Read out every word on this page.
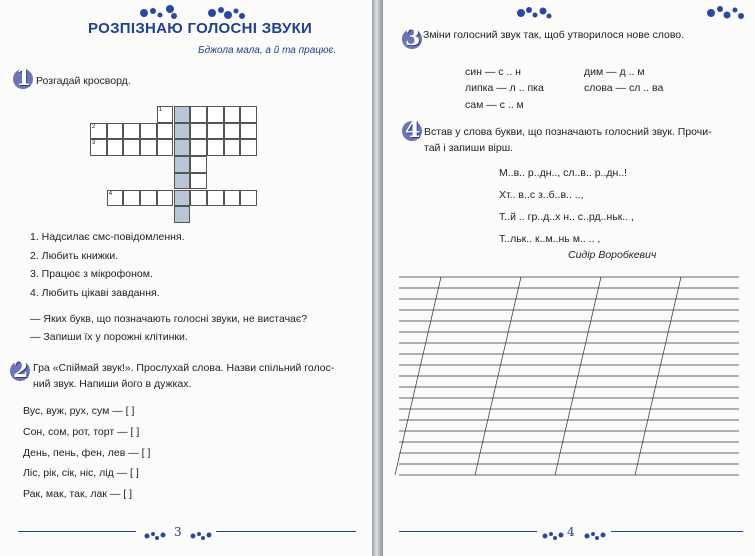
РОЗПІЗНАЮ ГОЛОСНІ ЗВУКИ
Бджола мала, а й та працює.
1 Розгадай кросворд.
1
2
3
4
1. Надсилає смс-повідомлення.
2. Любить книжки.
3. Працює з мікрофоном.
4. Любить цікаві завдання.
— Яких букв, що позначають голосні звуки, не вистачає?
— Запиши їх у порожні клітинки.
2 Гра «Спіймай звук!». Прослухай слова. Назви спільний голос-
ний звук. Напиши його в дужках.
Вус, вуж, рух, сум — [ ]
Сон, сом, рот, торт — [ ]
День, пень, фен, лев — [ ]
Ліс, рік, сік, ніс, лід — [ ]
Рак, мак, так, лак — [ ]
3
3 Зміни голосний звук так, щоб утворилося нове слово.
син — с .. н
липка — л .. пка
сам — с .. м
дим — д .. м
слова — сл .. ва
4 Встав у слова букви, що позначають голосний звук. Прочи-
тай і запиши вірш.
М..в.. р..дн.., сл..в.. р..дн..!
Хт.. в..с з..б..в.. ..,
Т..й .. гр..д..х н.. с..рд..ньк.. ,
Т..льк.. к..м..нь м.. .. ,
Сидір Воробкевич
4
